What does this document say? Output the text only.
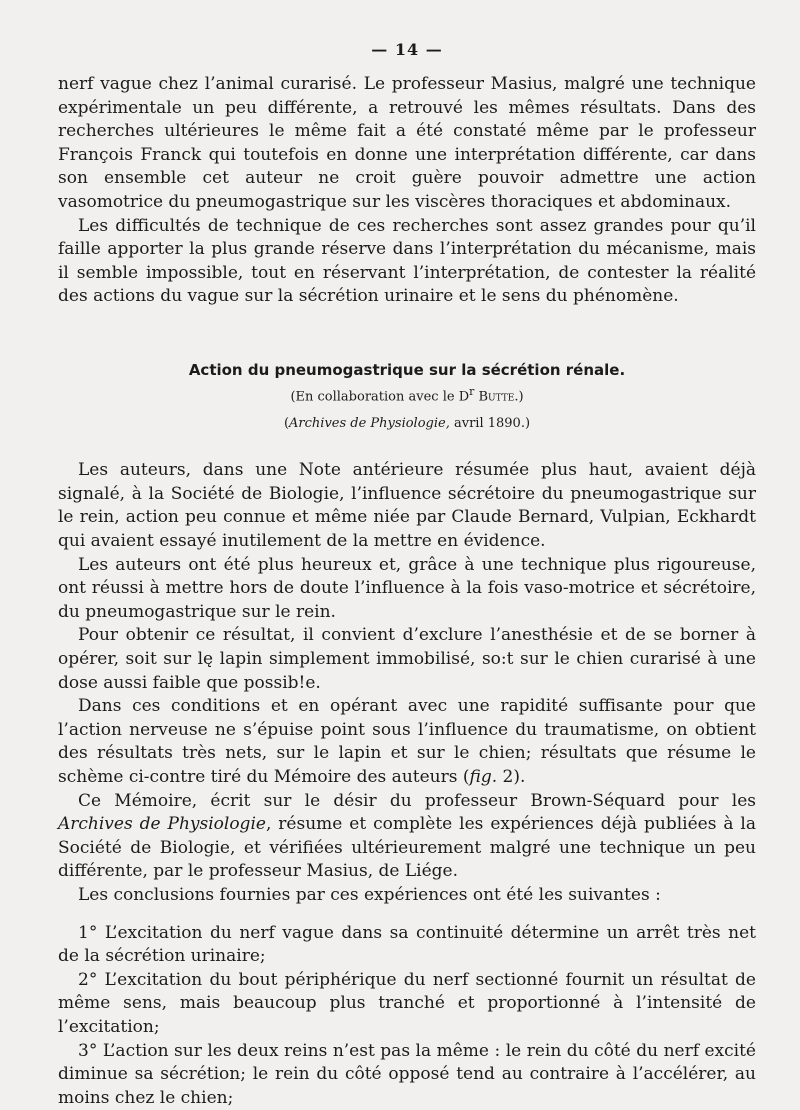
— 14 —

nerf vague chez l’animal curarisé. Le professeur Masius, malgré une technique expérimentale un peu différente, a retrouvé les mêmes résultats. Dans des recherches ultérieures le même fait a été constaté même par le professeur François Franck qui toutefois en donne une interprétation différente, car dans son ensemble cet auteur ne croit guère pouvoir admettre une action vasomotrice du pneumogastrique sur les viscères thoraciques et abdominaux.

Les difficultés de technique de ces recherches sont assez grandes pour qu’il faille apporter la plus grande réserve dans l’interprétation du mécanisme, mais il semble impossible, tout en réservant l’interprétation, de contester la réalité des actions du vague sur la sécrétion urinaire et le sens du phénomène.

Action du pneumogastrique sur la sécrétion rénale.
(En collaboration avec le $D^r$ Butte.)
(Archives de Physiologie, avril 1890.)

Les auteurs, dans une Note antérieure résumée plus haut, avaient déjà signalé, à la Société de Biologie, l’influence sécrétoire du pneumogastrique sur le rein, action peu connue et même niée par Claude Bernard, Vulpian, Eckhardt qui avaient essayé inutilement de la mettre en évidence.

Les auteurs ont été plus heureux et, grâce à une technique plus rigoureuse, ont réussi à mettre hors de doute l’influence à la fois vaso-motrice et sécrétoire, du pneumogastrique sur le rein.

Pour obtenir ce résultat, il convient d’exclure l’anesthésie et de se borner à opérer, soit sur lę lapin simplement immobilisé, so:t sur le chien curarisé à une dose aussi faible que possib!e.

Dans ces conditions et en opérant avec une rapidité suffisante pour que l’action nerveuse ne s’épuise point sous l’influence du traumatisme, on obtient des résultats très nets, sur le lapin et sur le chien; résultats que résume le schème ci-contre tiré du Mémoire des auteurs (fig. 2).

Ce Mémoire, écrit sur le désir du professeur Brown-Séquard pour les Archives de Physiologie, résume et complète les expériences déjà publiées à la Société de Biologie, et vérifiées ultérieurement malgré une technique un peu différente, par le professeur Masius, de Liége.

Les conclusions fournies par ces expériences ont été les suivantes :

1° L’excitation du nerf vague dans sa continuité détermine un arrêt très net de la sécrétion urinaire;

2° L’excitation du bout périphérique du nerf sectionné fournit un résultat de même sens, mais beaucoup plus tranché et proportionné à l’intensité de l’excitation;

3° L’action sur les deux reins n’est pas la même : le rein du côté du nerf excité diminue sa sécrétion; le rein du côté opposé tend au contraire à l’accélérer, au moins chez le chien;
